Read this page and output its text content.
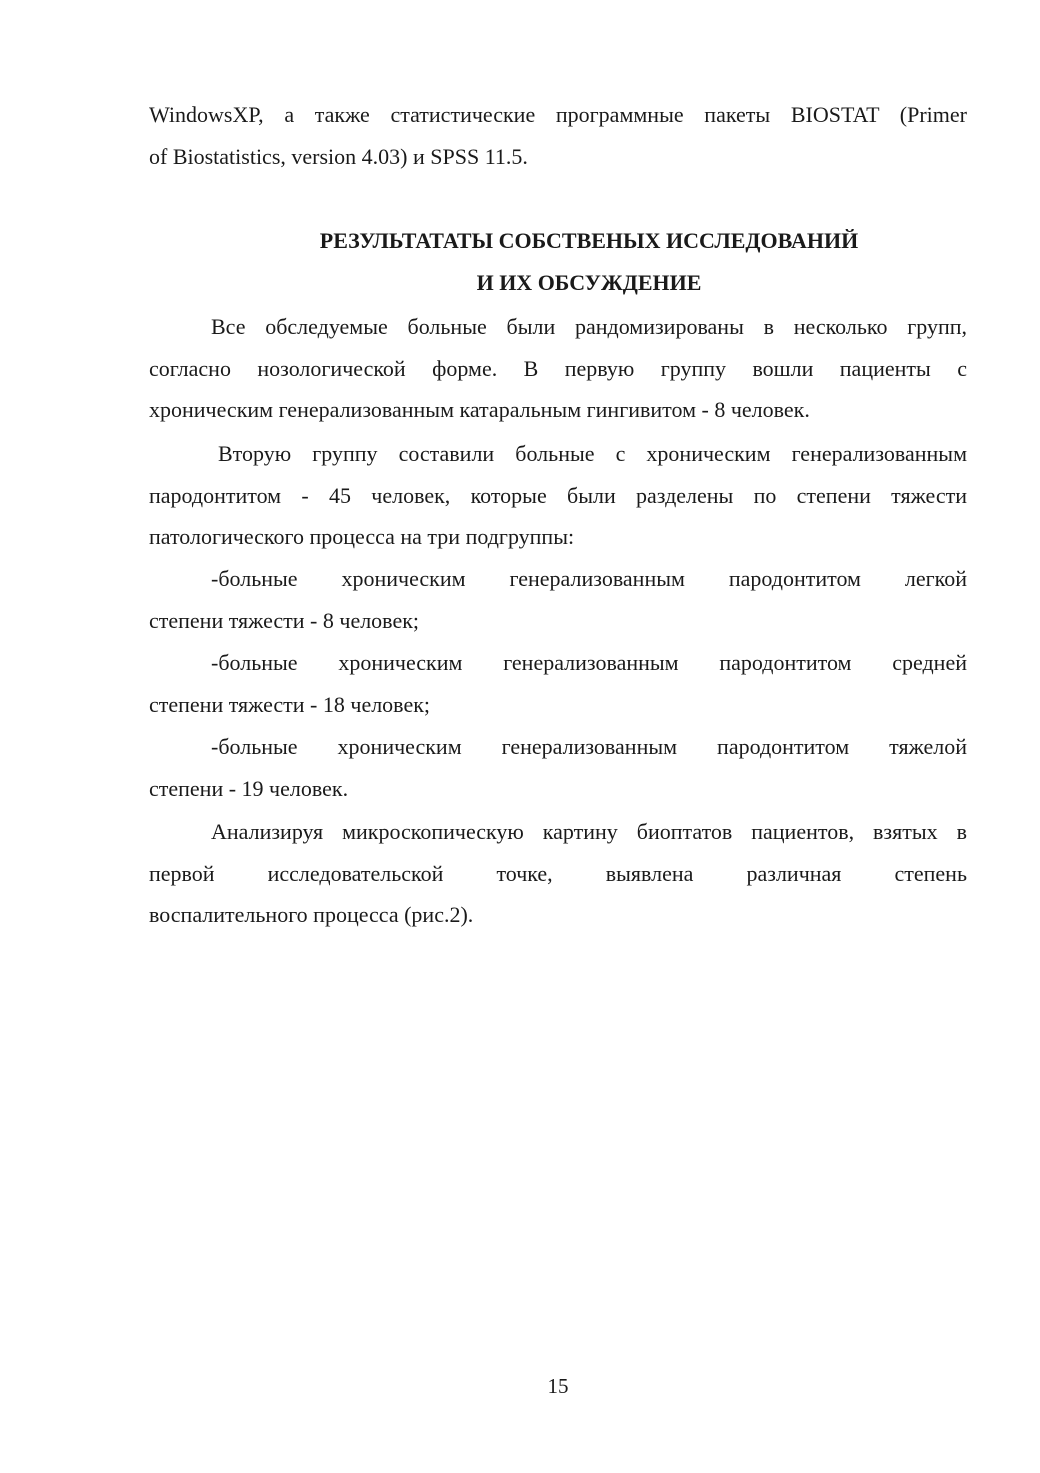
WindowsXP, а также статистические программные пакеты BIOSTAT (Primer
of Biostatistics, version 4.03) и SPSS 11.5.

РЕЗУЛЬТАТАТЫ СОБСТВЕНЫХ ИССЛЕДОВАНИЙ

И ИХ ОБСУЖДЕНИЕ

Все обследуемые больные были рандомизированы в несколько групп,
согласно нозологической форме. В первую группу вошли пациенты с
хроническим генерализованным катаральным гингивитом - 8 человек.
Вторую группу составили больные с хроническим генерализованным
пародонтитом - 45 человек, которые были разделены по степени тяжести
патологического процесса на три подгруппы:
-больные хроническим генерализованным пародонтитом легкой
степени тяжести - 8 человек;
-больные хроническим генерализованным пародонтитом средней
степени тяжести - 18 человек;
-больные хроническим генерализованным пародонтитом тяжелой
степени - 19 человек.
Анализируя микроскопическую картину биоптатов пациентов, взятых в
первой исследовательской точке, выявлена различная степень
воспалительного процесса (рис.2).

15
